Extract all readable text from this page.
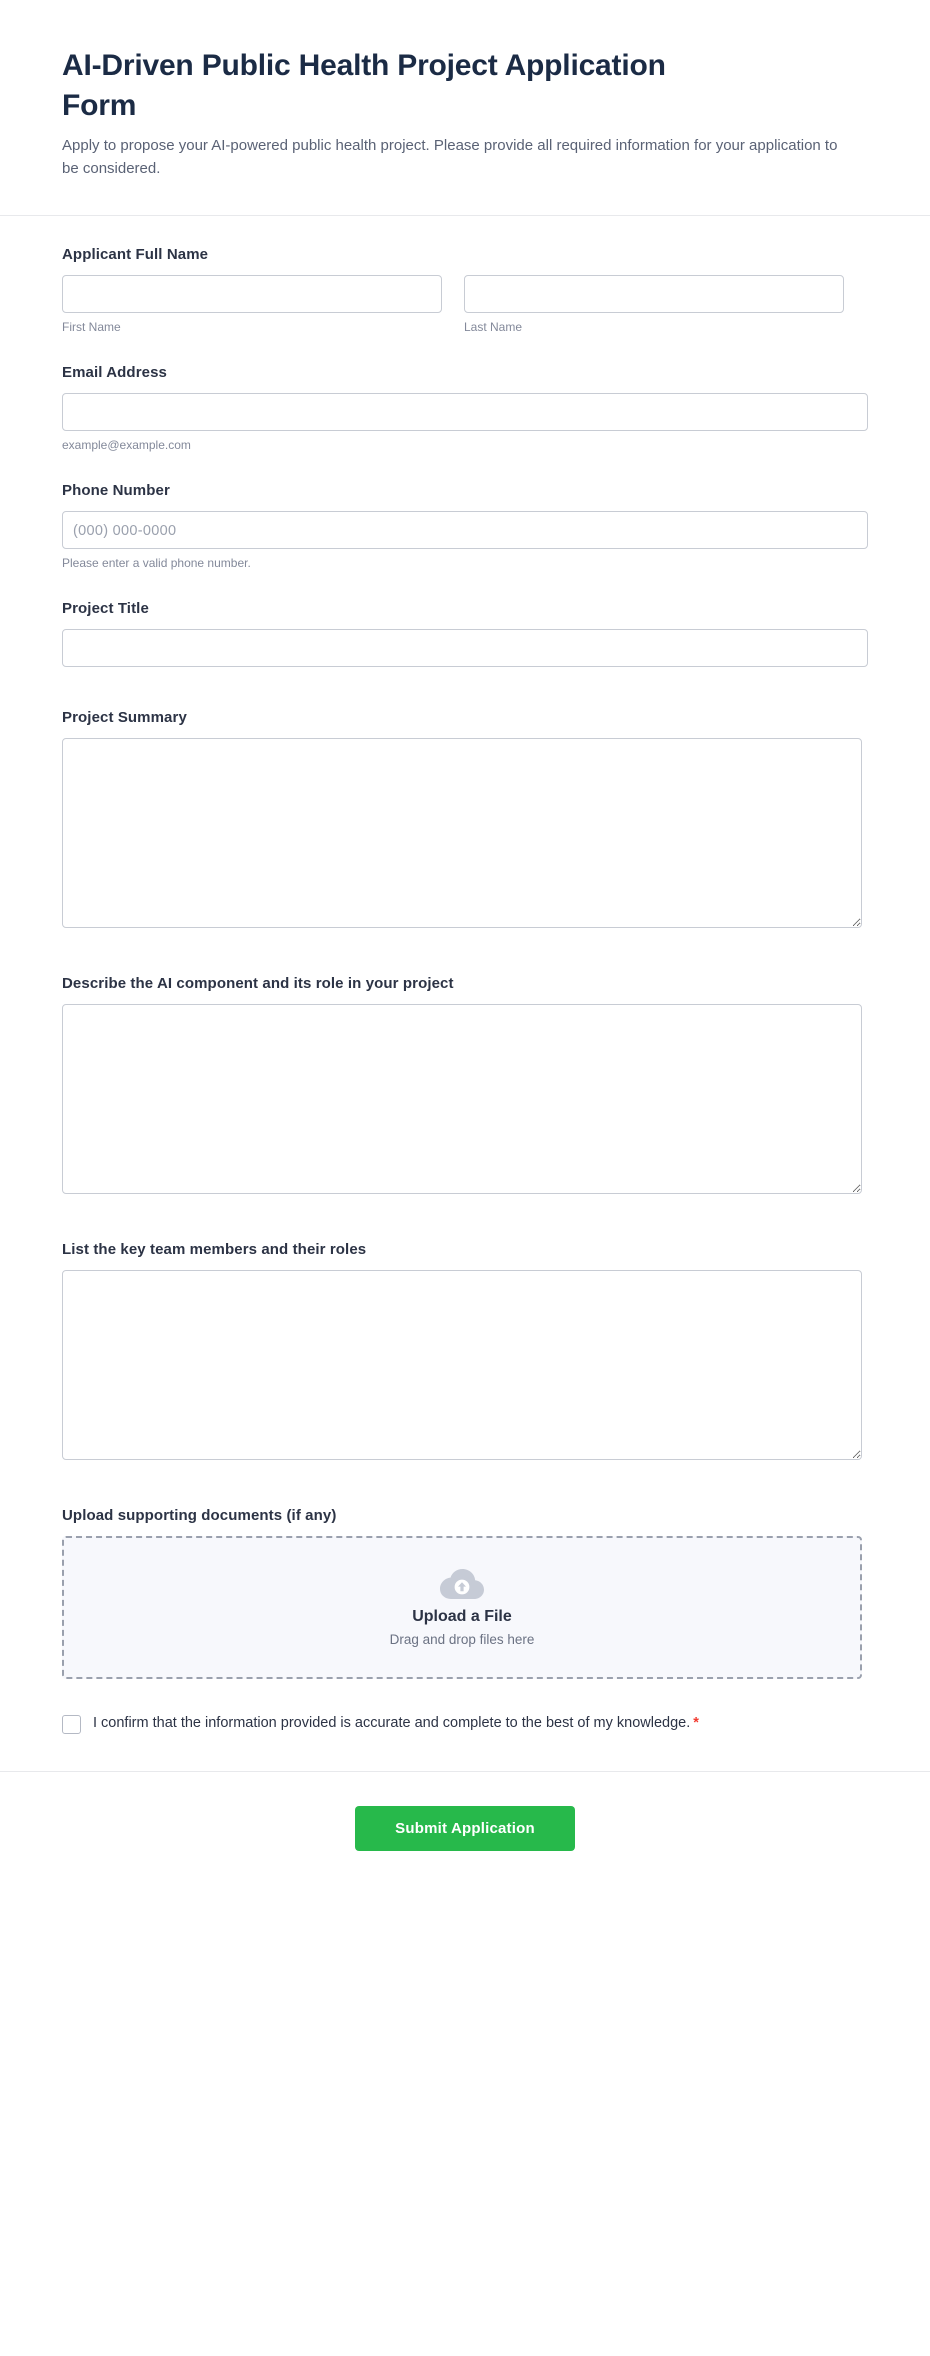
AI-Driven Public Health Project Application Form

Apply to propose your AI-powered public health project. Please provide all required information for your application to be considered.

Applicant Full Name
First Name	Last Name
Email Address
example@example.com
Phone Number
(000) 000-0000
Please enter a valid phone number.
Project Title
Project Summary
Describe the AI component and its role in your project
List the key team members and their roles
Upload supporting documents (if any)
Upload a File
Drag and drop files here
I confirm that the information provided is accurate and complete to the best of my knowledge. *
Submit Application
